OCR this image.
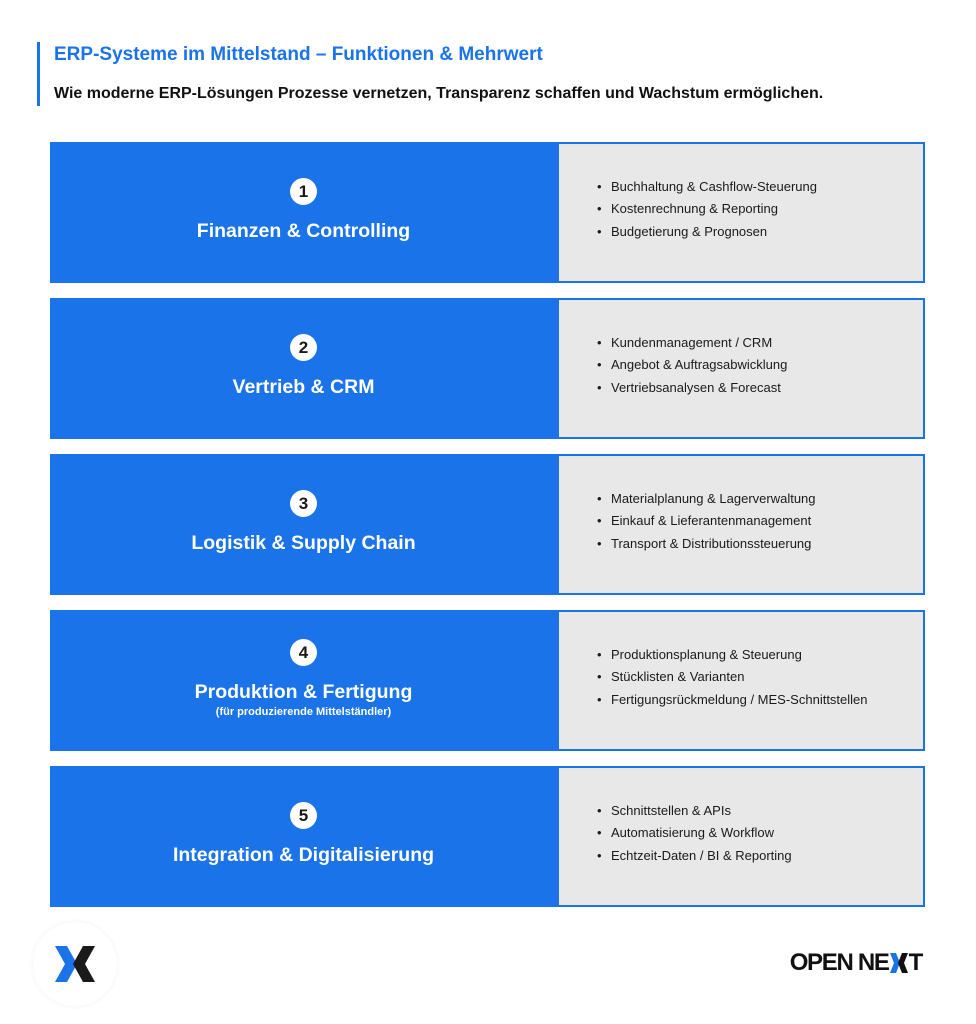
ERP-Systeme im Mittelstand – Funktionen & Mehrwert
Wie moderne ERP-Lösungen Prozesse vernetzen, Transparenz schaffen und Wachstum ermöglichen.
1
Finanzen & Controlling
• Buchhaltung & Cashflow-Steuerung
• Kostenrechnung & Reporting
• Budgetierung & Prognosen
2
Vertrieb & CRM
• Kundenmanagement / CRM
• Angebot & Auftragsabwicklung
• Vertriebsanalysen & Forecast
3
Logistik & Supply Chain
• Materialplanung & Lagerverwaltung
• Einkauf & Lieferantenmanagement
• Transport & Distributionssteuerung
4
Produktion & Fertigung
(für produzierende Mittelständler)
• Produktionsplanung & Steuerung
• Stücklisten & Varianten
• Fertigungsrückmeldung / MES-Schnittstellen
5
Integration & Digitalisierung
• Schnittstellen & APIs
• Automatisierung & Workflow
• Echtzeit-Daten / BI & Reporting
OPEN NE T
